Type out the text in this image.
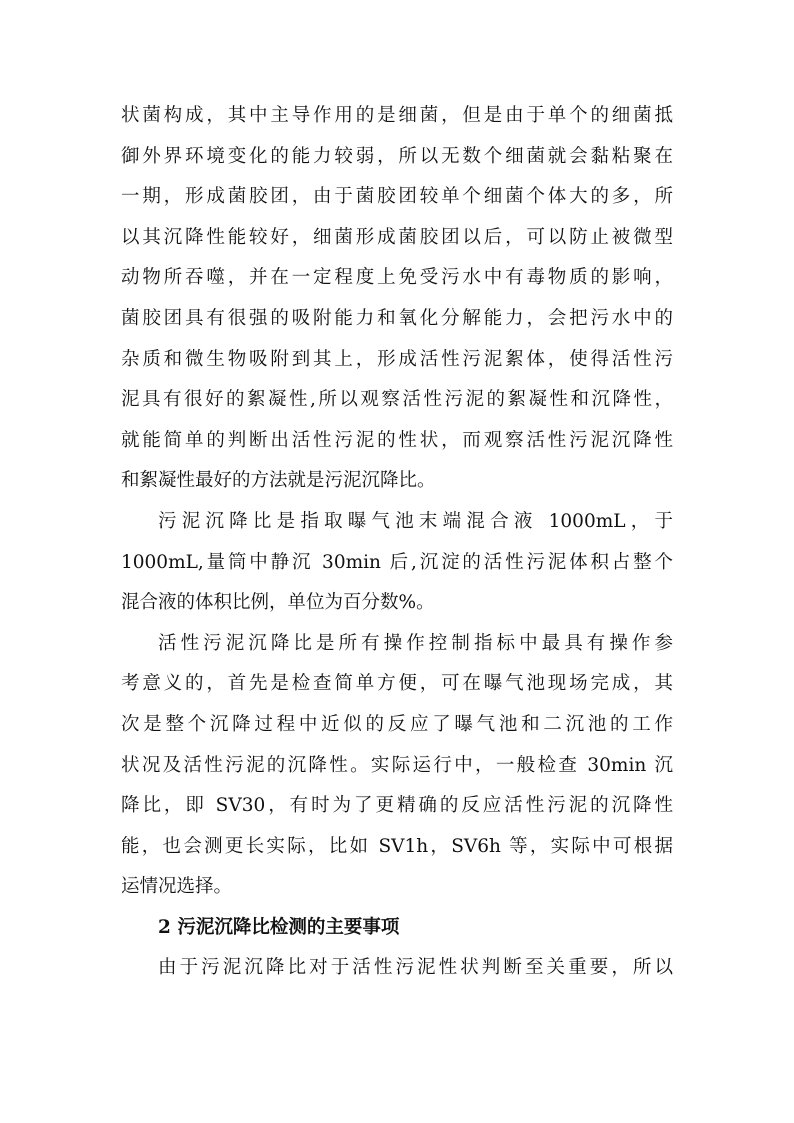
状菌构成，其中主导作用的是细菌，但是由于单个的细菌抵
御外界环境变化的能力较弱，所以无数个细菌就会黏粘聚在
一期，形成菌胶团，由于菌胶团较单个细菌个体大的多，所
以其沉降性能较好，细菌形成菌胶团以后，可以防止被微型
动物所吞噬，并在一定程度上免受污水中有毒物质的影响，
菌胶团具有很强的吸附能力和氧化分解能力，会把污水中的
杂质和微生物吸附到其上，形成活性污泥絮体，使得活性污
泥具有很好的絮凝性,所以观察活性污泥的絮凝性和沉降性，
就能简单的判断出活性污泥的性状，而观察活性污泥沉降性
和絮凝性最好的方法就是污泥沉降比。
污泥沉降比是指取曝气池末端混合液 1000mL，于
1000mL,量筒中静沉 30min 后,沉淀的活性污泥体积占整个
混合液的体积比例，单位为百分数%。
活性污泥沉降比是所有操作控制指标中最具有操作参
考意义的，首先是检查简单方便，可在曝气池现场完成，其
次是整个沉降过程中近似的反应了曝气池和二沉池的工作
状况及活性污泥的沉降性。实际运行中，一般检查 30min 沉
降比，即 SV30，有时为了更精确的反应活性污泥的沉降性
能，也会测更长实际，比如 SV1h，SV6h 等，实际中可根据
运情况选择。
2 污泥沉降比检测的主要事项
由于污泥沉降比对于活性污泥性状判断至关重要，所以
